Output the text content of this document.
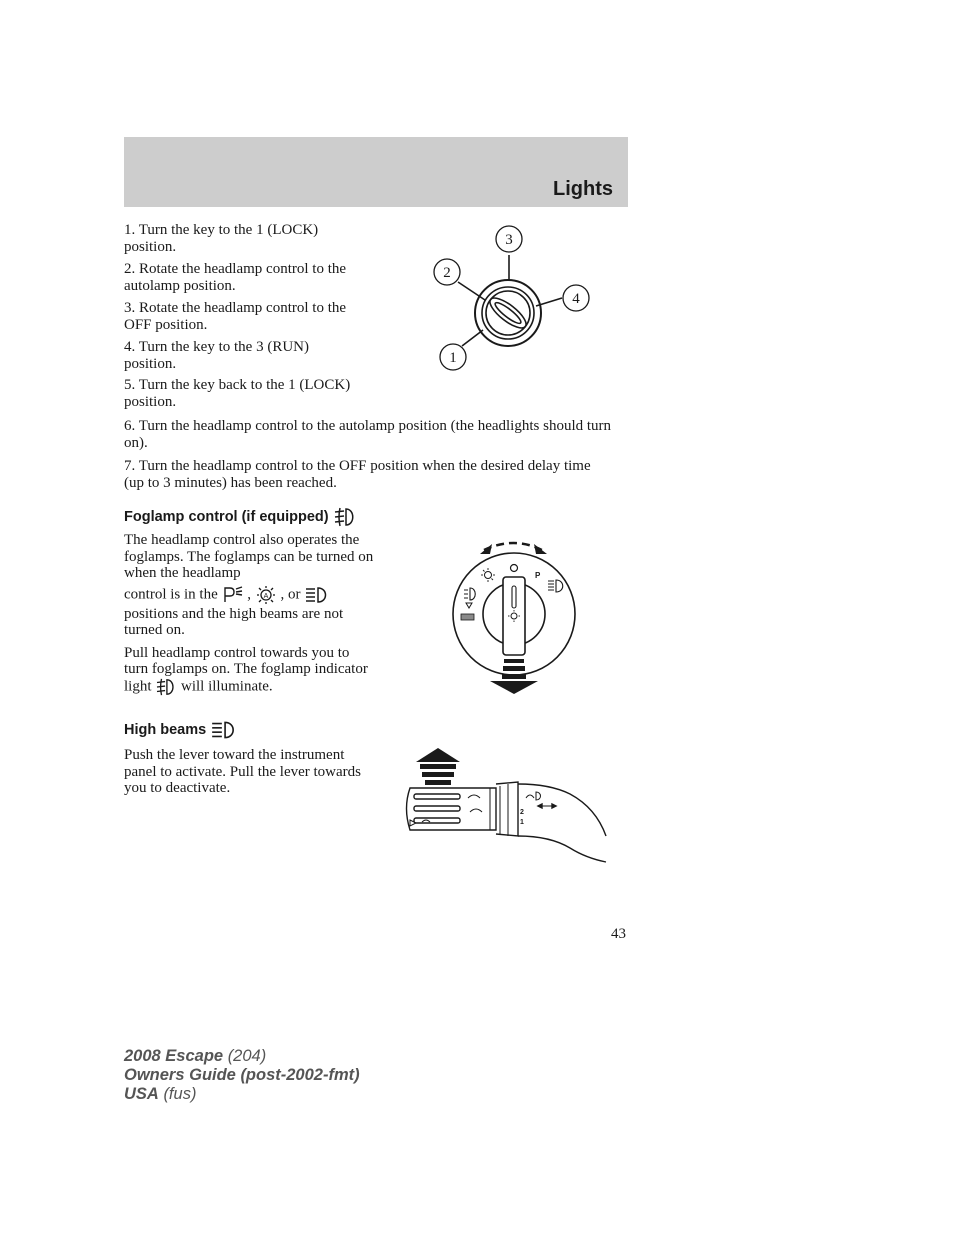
Lights

1. Turn the key to the 1 (LOCK) position.

2. Rotate the headlamp control to the autolamp position.

3. Rotate the headlamp control to the OFF position.

4. Turn the key to the 3 (RUN) position.

5. Turn the key back to the 1 (LOCK) position.

3
2
4
1

6. Turn the headlamp control to the autolamp position (the headlights should turn on).

7. Turn the headlamp control to the OFF position when the desired delay time (up to 3 minutes) has been reached.

Foglamp control (if equipped)

The headlamp control also operates the foglamps. The foglamps can be turned on when the headlamp

control is in the , A , or

positions and the high beams are not turned on.

Pull headlamp control towards you to turn foglamps on. The foglamp indicator light will illuminate.

P
High beams

Push the lever toward the instrument panel to activate. Pull the lever towards you to deactivate.

2
1
43
2008 Escape (204)
Owners Guide (post-2002-fmt)
USA (fus)
